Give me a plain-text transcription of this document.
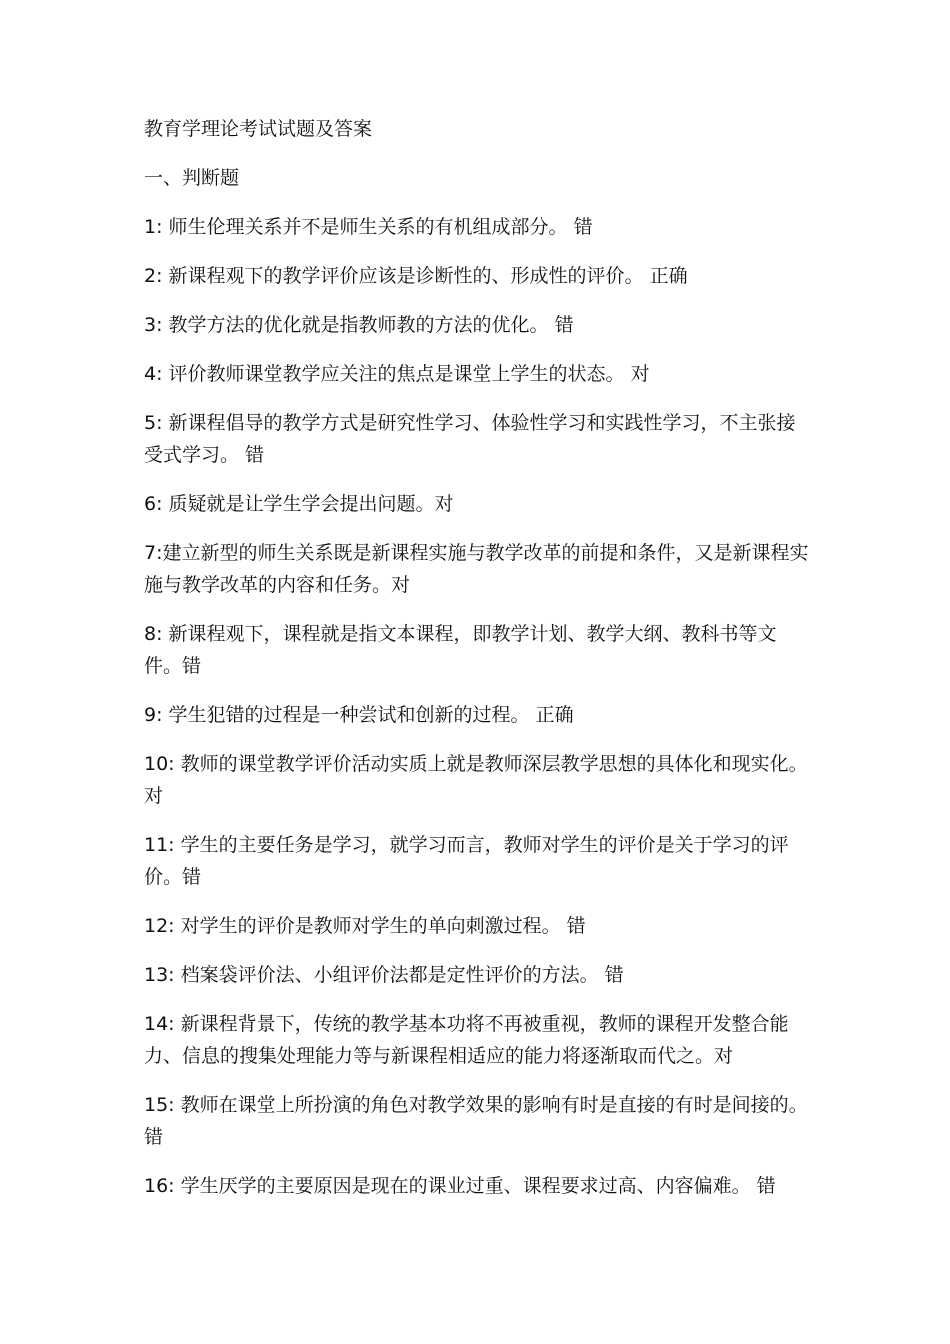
教育学理论考试试题及答案
一、判断题
1: 师生伦理关系并不是师生关系的有机组成部分。 错
2: 新课程观下的教学评价应该是诊断性的、形成性的评价。 正确
3: 教学方法的优化就是指教师教的方法的优化。 错
4: 评价教师课堂教学应关注的焦点是课堂上学生的状态。 对
5: 新课程倡导的教学方式是研究性学习、体验性学习和实践性学习，不主张接受式学习。 错
6: 质疑就是让学生学会提出问题。对
7:建立新型的师生关系既是新课程实施与教学改革的前提和条件，又是新课程实施与教学改革的内容和任务。对
8: 新课程观下，课程就是指文本课程，即教学计划、教学大纲、教科书等文件。错
9: 学生犯错的过程是一种尝试和创新的过程。 正确
10: 教师的课堂教学评价活动实质上就是教师深层教学思想的具体化和现实化。对
11: 学生的主要任务是学习，就学习而言，教师对学生的评价是关于学习的评价。错
12: 对学生的评价是教师对学生的单向刺激过程。 错
13: 档案袋评价法、小组评价法都是定性评价的方法。 错
14: 新课程背景下，传统的教学基本功将不再被重视，教师的课程开发整合能力、信息的搜集处理能力等与新课程相适应的能力将逐渐取而代之。对
15: 教师在课堂上所扮演的角色对教学效果的影响有时是直接的有时是间接的。 错
16: 学生厌学的主要原因是现在的课业过重、课程要求过高、内容偏难。 错
